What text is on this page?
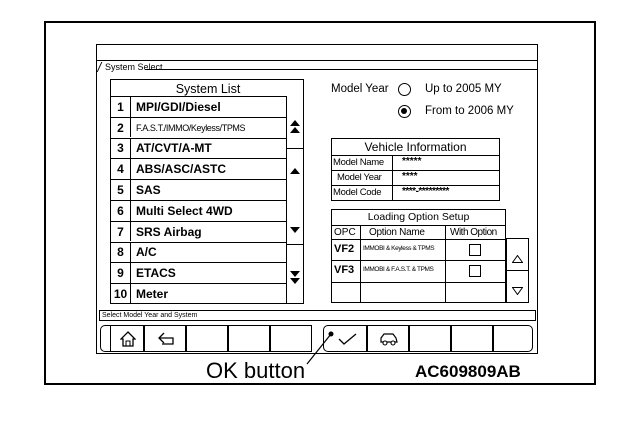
System Select
System List
1	MPI/GDI/Diesel
2	F.A.S.T./IMMO/Keyless/TPMS
3	AT/CVT/A-MT
4	ABS/ASC/ASTC
5	SAS
6	Multi Select 4WD
7	SRS Airbag
8	A/C
9	ETACS
10 Meter
Model Year	Up to 2005 MY
From to 2006 MY
Vehicle Information
Model Name *****
Model Year ****
Model Code ****-*********
Loading Option Setup
OPC Option Name	With Option
VF2 IMMOBI & Keyless & TPMS
VF3 IMMOBI & F.A.S.T. & TPMS
Select Model Year and System
OK button	AC609809AB
